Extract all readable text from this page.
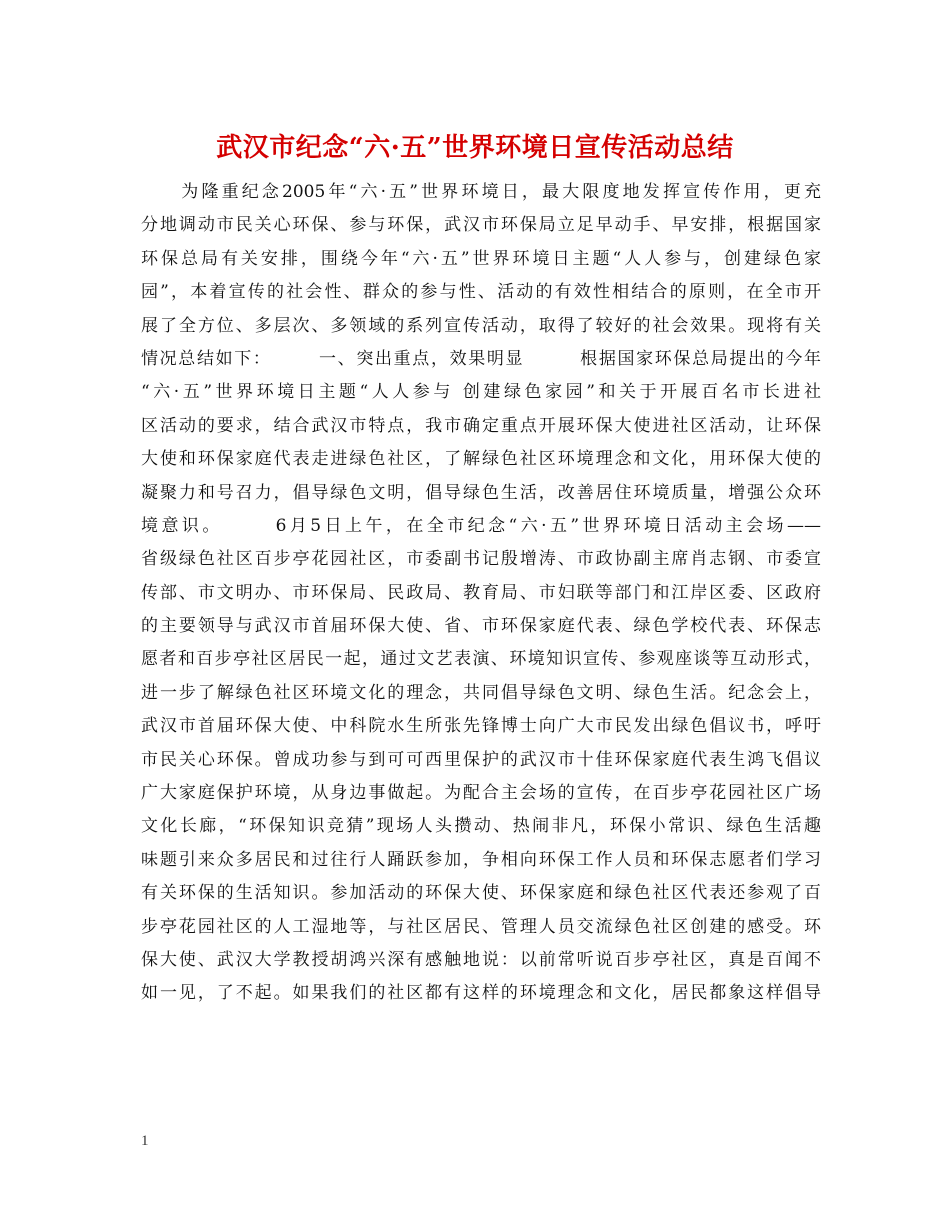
武汉市纪念“六·五”世界环境日宣传活动总结
　　为隆重纪念2005年“六·五”世界环境日，最大限度地发挥宣传作用，更充
分地调动市民关心环保、参与环保，武汉市环保局立足早动手、早安排，根据国家
环保总局有关安排，围绕今年“六·五”世界环境日主题“人人参与，创建绿色家
园”，本着宣传的社会性、群众的参与性、活动的有效性相结合的原则，在全市开
展了全方位、多层次、多领域的系列宣传活动，取得了较好的社会效果。现将有关
情况总结如下：　　　一、突出重点，效果明显　　　根据国家环保总局提出的今年
“六·五”世界环境日主题“人人参与 创建绿色家园”和关于开展百名市长进社
区活动的要求，结合武汉市特点，我市确定重点开展环保大使进社区活动，让环保
大使和环保家庭代表走进绿色社区，了解绿色社区环境理念和文化，用环保大使的
凝聚力和号召力，倡导绿色文明，倡导绿色生活，改善居住环境质量，增强公众环
境意识。　　　6月5日上午，在全市纪念“六·五”世界环境日活动主会场——
省级绿色社区百步亭花园社区，市委副书记殷增涛、市政协副主席肖志钢、市委宣
传部、市文明办、市环保局、民政局、教育局、市妇联等部门和江岸区委、区政府
的主要领导与武汉市首届环保大使、省、市环保家庭代表、绿色学校代表、环保志
愿者和百步亭社区居民一起，通过文艺表演、环境知识宣传、参观座谈等互动形式，
进一步了解绿色社区环境文化的理念，共同倡导绿色文明、绿色生活。纪念会上，
武汉市首届环保大使、中科院水生所张先锋博士向广大市民发出绿色倡议书，呼吁
市民关心环保。曾成功参与到可可西里保护的武汉市十佳环保家庭代表生鸿飞倡议
广大家庭保护环境，从身边事做起。为配合主会场的宣传，在百步亭花园社区广场
文化长廊，“环保知识竞猜”现场人头攒动、热闹非凡，环保小常识、绿色生活趣
味题引来众多居民和过往行人踊跃参加，争相向环保工作人员和环保志愿者们学习
有关环保的生活知识。参加活动的环保大使、环保家庭和绿色社区代表还参观了百
步亭花园社区的人工湿地等，与社区居民、管理人员交流绿色社区创建的感受。环
保大使、武汉大学教授胡鸿兴深有感触地说：以前常听说百步亭社区，真是百闻不
如一见，了不起。如果我们的社区都有这样的环境理念和文化，居民都象这样倡导
1
